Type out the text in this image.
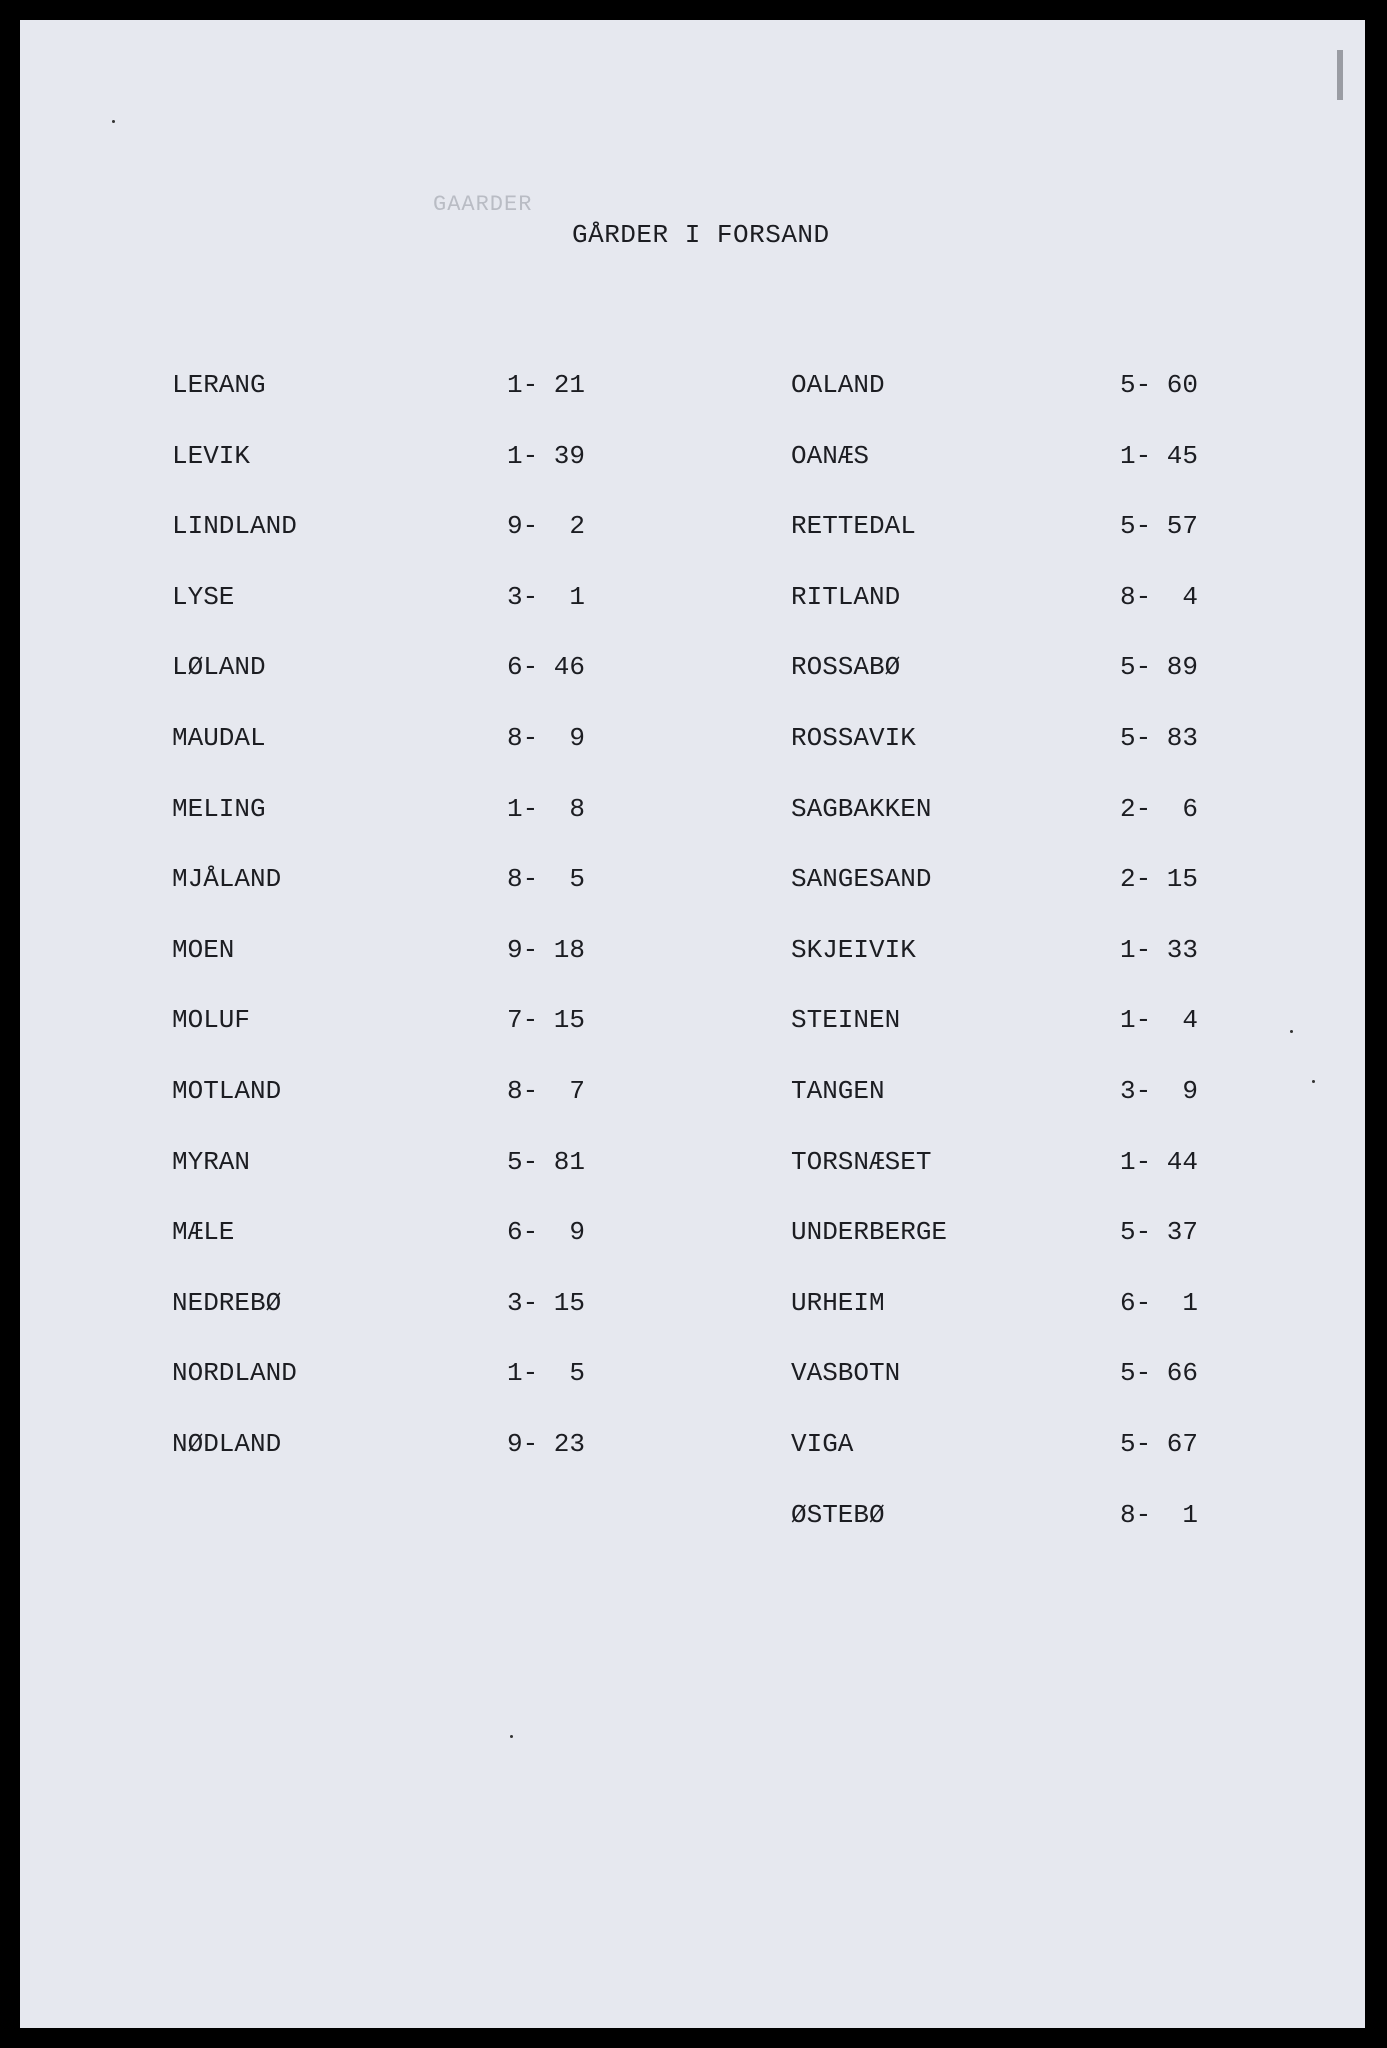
GAARDER
GÅRDER I FORSAND
LERANG	1- 21
LEVIK	1- 39
LINDLAND	9-  2
LYSE	3-  1
LØLAND	6- 46
MAUDAL	8-  9
MELING	1-  8
MJÅLAND	8-  5
MOEN	9- 18
MOLUF	7- 15
MOTLAND	8-  7
MYRAN	5- 81
MÆLE	6-  9
NEDREBØ	3- 15
NORDLAND	1-  5
NØDLAND	9- 23
OALAND	5- 60
OANÆS	1- 45
RETTEDAL	5- 57
RITLAND	8-  4
ROSSABØ	5- 89
ROSSAVIK	5- 83
SAGBAKKEN	2-  6
SANGESAND	2- 15
SKJEIVIK	1- 33
STEINEN	1-  4
TANGEN	3-  9
TORSNÆSET	1- 44
UNDERBERGE	5- 37
URHEIM	6-  1
VASBOTN	5- 66
VIGA	5- 67
ØSTEBØ	8-  1
